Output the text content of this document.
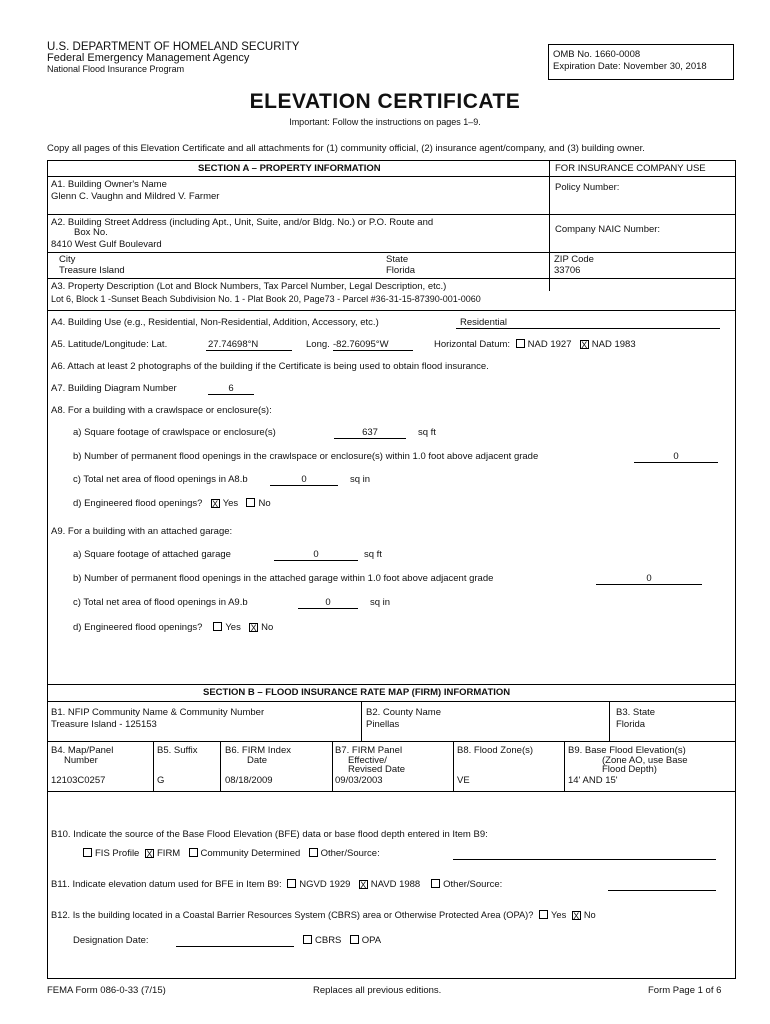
U.S. DEPARTMENT OF HOMELAND SECURITY
Federal Emergency Management Agency
National Flood Insurance Program
OMB No. 1660-0008
Expiration Date: November 30, 2018
ELEVATION CERTIFICATE
Important: Follow the instructions on pages 1–9.
Copy all pages of this Elevation Certificate and all attachments for (1) community official, (2) insurance agent/company, and (3) building owner.
SECTION A – PROPERTY INFORMATION	FOR INSURANCE COMPANY USE
A1. Building Owner's Name
Glenn C. Vaughn and Mildred V. Farmer
Policy Number:
A2. Building Street Address (including Apt., Unit, Suite, and/or Bldg. No.) or P.O. Route and
Box No.
8410 West Gulf Boulevard
Company NAIC Number:
City
Treasure Island
State
Florida
ZIP Code
33706
A3. Property Description (Lot and Block Numbers, Tax Parcel Number, Legal Description, etc.)
Lot 6, Block 1 -Sunset Beach Subdivision No. 1 - Plat Book 20, Page73 - Parcel #36-31-15-87390-001-0060
A4. Building Use (e.g., Residential, Non-Residential, Addition, Accessory, etc.)	Residential
A5. Latitude/Longitude: Lat.	27.74698°N	Long. -82.76095°W	Horizontal Datum: NAD 1927 X NAD 1983
A6. Attach at least 2 photographs of the building if the Certificate is being used to obtain flood insurance.
A7. Building Diagram Number	6
A8. For a building with a crawlspace or enclosure(s):
a) Square footage of crawlspace or enclosure(s)	637	sq ft
b) Number of permanent flood openings in the crawlspace or enclosure(s) within 1.0 foot above adjacent grade	0
c) Total net area of flood openings in A8.b	0	sq in
d) Engineered flood openings? X Yes No
A9. For a building with an attached garage:
a) Square footage of attached garage	0	sq ft
b) Number of permanent flood openings in the attached garage within 1.0 foot above adjacent grade	0
c) Total net area of flood openings in A9.b	0	sq in
d) Engineered flood openings? Yes X No
SECTION B – FLOOD INSURANCE RATE MAP (FIRM) INFORMATION
B1. NFIP Community Name & Community Number
Treasure Island - 125153
B2. County Name
Pinellas
B3. State
Florida
B4. Map/Panel
Number
12103C0257
B5. Suffix
G
B6. FIRM Index
Date
08/18/2009
B7. FIRM Panel
Effective/
Revised Date
09/03/2003
B8. Flood Zone(s)
VE
B9. Base Flood Elevation(s)
(Zone AO, use Base
Flood Depth)
14' AND 15'
B10. Indicate the source of the Base Flood Elevation (BFE) data or base flood depth entered in Item B9:
FIS Profile X FIRM Community Determined Other/Source:
B11. Indicate elevation datum used for BFE in Item B9: NGVD 1929 X NAVD 1988 Other/Source:
B12. Is the building located in a Coastal Barrier Resources System (CBRS) area or Otherwise Protected Area (OPA)? Yes X No
Designation Date:	CBRS OPA
FEMA Form 086-0-33 (7/15)	Replaces all previous editions.	Form Page 1 of 6
